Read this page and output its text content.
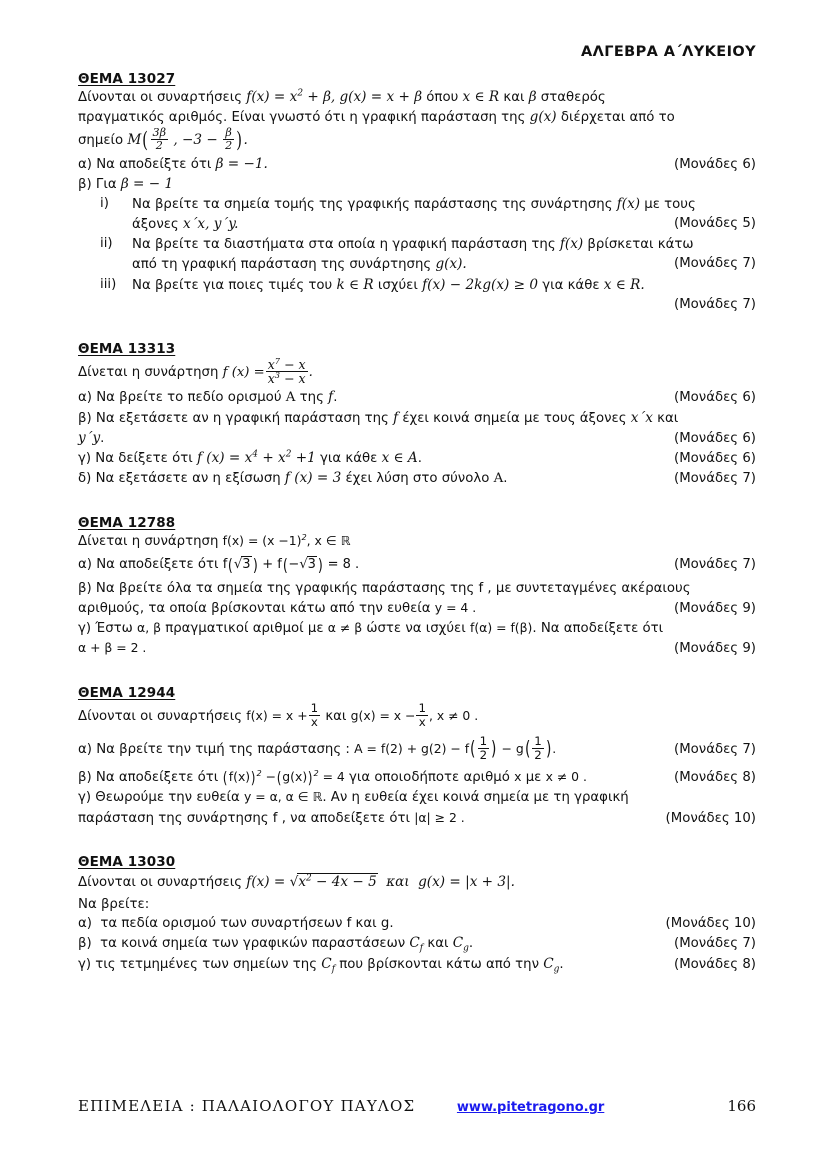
ΑΛΓΕΒΡΑ Α΄ΛΥΚΕΙΟΥ
ΘΕΜΑ 13027
Δίνονται οι συναρτήσεις $f(x) = x^2 + \beta$, g(x) = x + β όπου x ∈ R και β σταθερός
πραγματικός αριθμός. Είναι γνωστό ότι η γραφική παράσταση της g(x) διέρχεται από το
σημείο $M( \frac{3\beta}{2}$ , $-3 - \frac{\beta}{2}$ ).
α) Να αποδείξτε ότι β = −1.	(Μονάδες 6)
β) Για β = − 1
i)	Να βρείτε τα σημεία τομής της γραφικής παράστασης της συνάρτησης f(x) με τους
άξονες x΄x, y΄y.	(Μονάδες 5)
ii)	Να βρείτε τα διαστήματα στα οποία η γραφική παράσταση της f(x) βρίσκεται κάτω
από τη γραφική παράσταση της συνάρτησης g(x).	(Μονάδες 7)
iii)	Να βρείτε για ποιες τιμές του k ∈ R ισχύει f(x) − 2kg(x) ≥ 0 για κάθε x ∈ R.
(Μονάδες 7)
ΘΕΜΑ 13313
Δίνεται η συνάρτηση f $(x) = \frac{x^7 - x}{x^3 - x}$ .
α) Να βρείτε το πεδίο ορισμού Α της f.	(Μονάδες 6)
β) Να εξετάσετε αν η γραφική παράσταση της f έχει κοινά σημεία με τους άξονες x΄x και
y΄y.	(Μονάδες 6)
γ) Να δείξετε ότι f $(x) = x^4 + x^2 +1$ για κάθε x ∈ Α.	(Μονάδες 6)
δ) Να εξετάσετε αν η εξίσωση f (x) = 3 έχει λύση στο σύνολο Α.	(Μονάδες 7)
ΘΕΜΑ 12788
Δίνεται η συνάρτηση $f(x) = (x -1)^2$, x ∈ ℝ
α) Να αποδείξετε ότι f(√3 ) + f(−√3 ) = 8 .	(Μονάδες 7)
β) Να βρείτε όλα τα σημεία της γραφικής παράστασης της f , με συντεταγμένες ακέραιους
αριθμούς, τα οποία βρίσκονται κάτω από την ευθεία y = 4 .	(Μονάδες 9)
γ) Έστω α, β πραγματικοί αριθμοί με α ≠ β ώστε να ισχύει f(α) = f(β). Να αποδείξετε ότι
α + β = 2 .	(Μονάδες 9)
ΘΕΜΑ 12944
Δίνονται οι συναρτήσεις $f(x) = x + \frac{1}{x}$ και $g(x) = x - \frac{1}{x}$ , x ≠ 0 .
α) Να βρείτε την τιμή της παράστασης : $A = f(2) + g(2) - f( \frac{1}{2}$ ) − $g( \frac{1}{2}$ ).	(Μονάδες 7)
β) Να αποδείξετε ότι $(f(x))^2 -(g(x))^2 = 4$ για οποιοδήποτε αριθμό x με x ≠ 0 .	(Μονάδες 8)
γ) Θεωρούμε την ευθεία y = α, α ∈ ℝ. Αν η ευθεία έχει κοινά σημεία με τη γραφική
παράσταση της συνάρτησης f , να αποδείξετε ότι |α| ≥ 2 .	(Μονάδες 10)
ΘΕΜΑ 13030
Δίνονται οι συναρτήσεις $f(x) = √x^2 - 4x - 5$ και g(x) = |x + 3|.
Να βρείτε:
α) τα πεδία ορισμού των συναρτήσεων f και g.	(Μονάδες 10)
β) τα κοινά σημεία των γραφικών παραστάσεων $C_f$ και $C_g$.	(Μονάδες 7)
γ) τις τετμημένες των σημείων της $C_f$ που βρίσκονται κάτω από την $C_g$.	(Μονάδες 8)
ΕΠΙΜΕΛΕΙΑ : ΠΑΛΑΙΟΛΟΓΟΥ ΠΑΥΛΟΣ	www.pitetragono.gr	166
